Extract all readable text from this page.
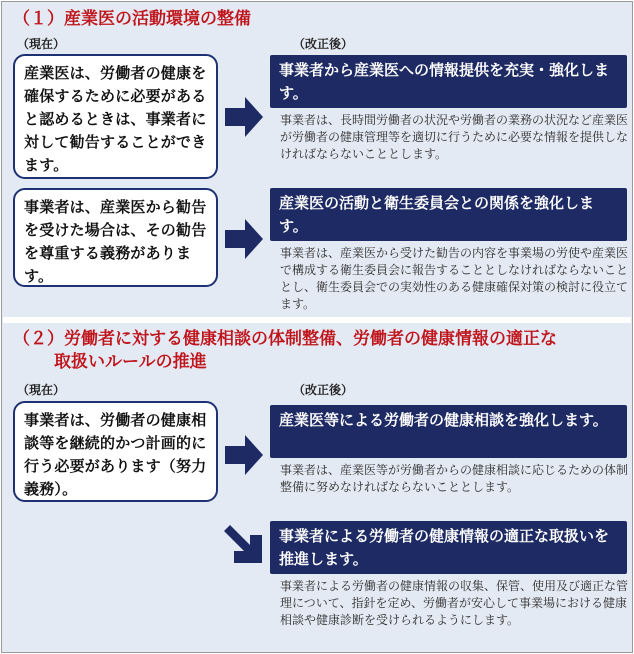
（１）産業医の活動環境の整備
（現在）	（改正後）
産業医は、労働者の健康を確保するために必要があると認めるときは、事業者に対して勧告することができます。
事業者から産業医への情報提供を充実・強化します。
事業者は、長時間労働者の状況や労働者の業務の状況など産業医が労働者の健康管理等を適切に行うために必要な情報を提供しなければならないこととします。
事業者は、産業医から勧告を受けた場合は、その勧告を尊重する義務があります。
産業医の活動と衛生委員会との関係を強化します。
事業者は、産業医から受けた勧告の内容を事業場の労使や産業医で構成する衛生委員会に報告することとしなければならないこととし、衛生委員会での実効性のある健康確保対策の検討に役立てます。
（２）労働者に対する健康相談の体制整備、労働者の健康情報の適正な
取扱いルールの推進
（現在）	（改正後）
事業者は、労働者の健康相談等を継続的かつ計画的に行う必要があります（努力義務）。
産業医等による労働者の健康相談を強化します。
事業者は、産業医等が労働者からの健康相談に応じるための体制整備に努めなければならないこととします。
事業者による労働者の健康情報の適正な取扱いを推進します。
事業者による労働者の健康情報の収集、保管、使用及び適正な管理について、指針を定め、労働者が安心して事業場における健康相談や健康診断を受けられるようにします。
